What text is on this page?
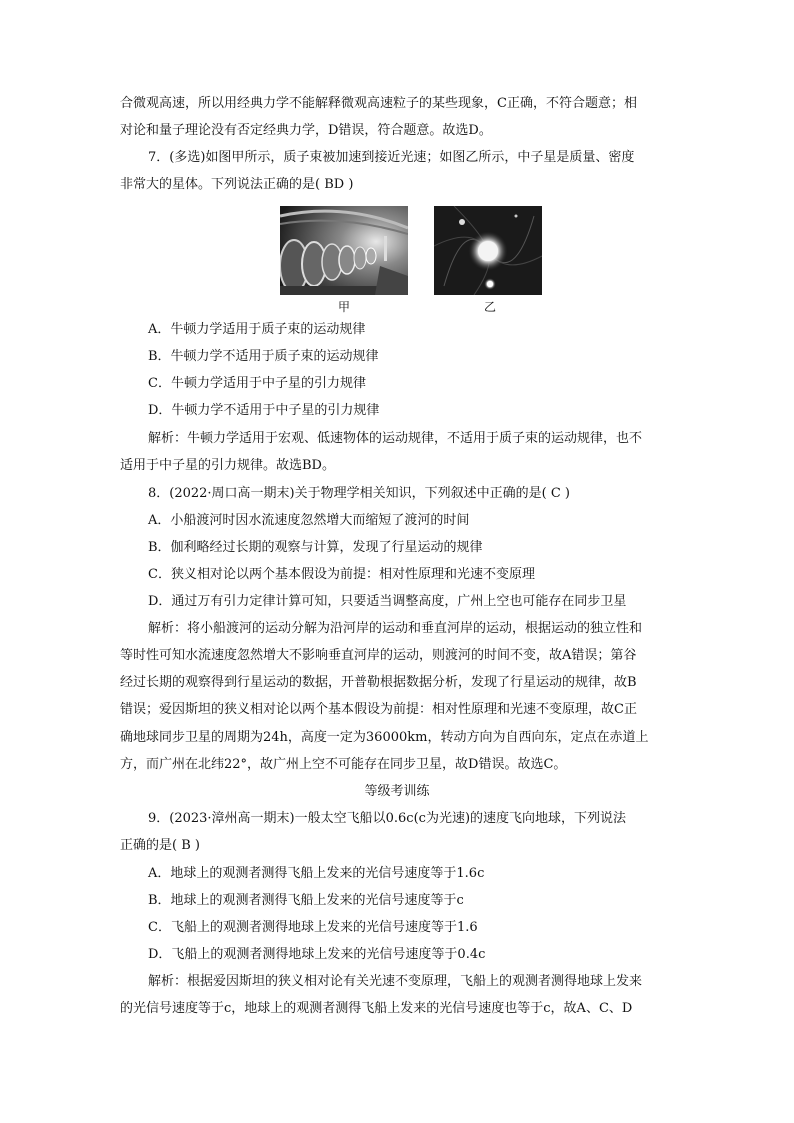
合微观高速，所以用经典力学不能解释微观高速粒子的某些现象，C正确，不符合题意；相
对论和量子理论没有否定经典力学，D错误，符合题意。故选D。
7．(多选)如图甲所示，质子束被加速到接近光速；如图乙所示，中子星是质量、密度
非常大的星体。下列说法正确的是( BD )
甲	乙
A．牛顿力学适用于质子束的运动规律
B．牛顿力学不适用于质子束的运动规律
C．牛顿力学适用于中子星的引力规律
D．牛顿力学不适用于中子星的引力规律
解析：牛顿力学适用于宏观、低速物体的运动规律，不适用于质子束的运动规律，也不
适用于中子星的引力规律。故选BD。
8．(2022·周口高一期末)关于物理学相关知识，下列叙述中正确的是( C )
A．小船渡河时因水流速度忽然增大而缩短了渡河的时间
B．伽利略经过长期的观察与计算，发现了行星运动的规律
C．狭义相对论以两个基本假设为前提：相对性原理和光速不变原理
D．通过万有引力定律计算可知，只要适当调整高度，广州上空也可能存在同步卫星
解析：将小船渡河的运动分解为沿河岸的运动和垂直河岸的运动，根据运动的独立性和
等时性可知水流速度忽然增大不影响垂直河岸的运动，则渡河的时间不变，故A错误；第谷
经过长期的观察得到行星运动的数据，开普勒根据数据分析，发现了行星运动的规律，故B
错误；爱因斯坦的狭义相对论以两个基本假设为前提：相对性原理和光速不变原理，故C正
确地球同步卫星的周期为24h，高度一定为36000km，转动方向为自西向东，定点在赤道上
方，而广州在北纬22°，故广州上空不可能存在同步卫星，故D错误。故选C。
等级考训练
9．(2023·漳州高一期末)一般太空飞船以0.6c(c为光速)的速度飞向地球，下列说法
正确的是( B )
A．地球上的观测者测得飞船上发来的光信号速度等于1.6c
B．地球上的观测者测得飞船上发来的光信号速度等于c
C．飞船上的观测者测得地球上发来的光信号速度等于1.6
D．飞船上的观测者测得地球上发来的光信号速度等于0.4c
解析：根据爱因斯坦的狭义相对论有关光速不变原理，飞船上的观测者测得地球上发来
的光信号速度等于c，地球上的观测者测得飞船上发来的光信号速度也等于c，故A、C、D
